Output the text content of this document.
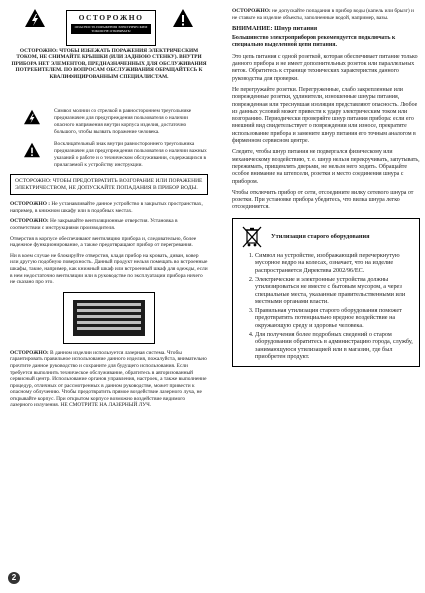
ОСТОРОЖНО
ОПАСНОСТЬ ПОРАЖЕНИЯ ЭЛЕКТРИЧЕСКИМ ТОКОМ НЕ ОТКРЫВАТЬ!
ОСТОРОЖНО: ЧТОБЫ ИЗБЕЖАТЬ ПОРАЖЕНИЯ ЭЛЕКТРИЧЕСКИМ ТОКОМ, НЕ СНИМАЙТЕ КРЫШКИ (ИЛИ ЗАДНЮЮ СТЕНКУ). ВНУТРИ ПРИБОРА НЕТ ЭЛЕМЕНТОВ, ПРЕДНАЗНАЧЕННЫХ ДЛЯ ОБСЛУЖИВАНИЯ ПОТРЕБИТЕЛЕМ. ПО ВОПРОСАМ ОБСЛУЖИВАНИЯ ОБРАЩАЙТЕСЬ К КВАЛИФИЦИРОВАННЫМ СПЕЦИАЛИСТАМ.
Символ молнии со стрелкой в равностороннем треугольнике предназначен для предупреждения пользователя о наличии опасного напряжения внутри корпуса изделия, достаточно большого, чтобы вызвать поражение человека.
Восклицательный знак внутри равностороннего треугольника предназначен для предупреждения пользователя о наличии важных указаний о работе и о техническом обслуживании, содержащихся в прилагаемой к устройству инструкции.
ОСТОРОЖНО: ЧТОБЫ ПРЕДОТВРАТИТЬ ВОЗГОРАНИЕ ИЛИ ПОРАЖЕНИЕ ЭЛЕКТРИЧЕСТВОМ, НЕ ДОПУСКАЙТЕ ПОПАДАНИЯ В ПРИБОР ВОДЫ.

ОСТОРОЖНО : Не устанавливайте данное устройство в закрытых пространствах, например, в книжном шкафу или в подобных местах.

ОСТОРОЖНО: Не закрывайте вентиляционные отверстия. Установка в соответствии с инструкциями производителя.

Отверстия в корпусе обеспечивают вентиляцию прибора и, следовательно, более надежное функционирование, а также предотвращают прибор от перегревания.

Ни в коем случае не блокируйте отверстия, кладя прибор на кровать, диван, ковер или другую подобную поверхность. Данный продукт нельзя помещать во встроенные шкафы, такие, например, как книжный шкаф или встроенный шкаф для одежды, если в нем недостаточно вентиляции или в руководстве по эксплуатации прибора ничего не сказано про это.

ОСТОРОЖНО: В данном изделии используется лазерная система. Чтобы гарантировать правильное использование данного изделия, пожалуйста, внимательно прочтите данное руководство и сохраните для будущего использования. Если требуется выполнить техническое обслуживание, обратитесь в авторизованный сервисный центр. Использование органов управления, настроек, а также выполнение процедур, отличных от рассмотренных в данном руководстве, может привести к опасному облучению. Чтобы предотвратить прямое воздействие лазерного луча, не открывайте корпус. При открытом корпусе возможно воздействие видимого лазерного излучения. НЕ СМОТРИТЕ НА ЛАЗЕРНЫЙ ЛУЧ.

ОСТОРОЖНО: не допускайте попадания в прибор воды (капель или брызг) и не ставьте на изделие объекты, заполненные водой, например, вазы.

ВНИМАНИЕ: Шнур питания

Большинство электроприборов рекомендуется подключать к специально выделенной цепи питания.

Это цепь питания с одной розеткой, которая обеспечивает питание только данного прибора и не имеет дополнительных розеток или параллельных веток. Обратитесь к странице технических характеристик данного руководства для проверки.

Не перегружайте розетки. Перегруженные, слабо закрепленные или поврежденные розетки, удлинители, изношенные шнуры питания, поврежденная или треснувшая изоляция представляют опасность. Любое из данных условий может привести к удару электрическим током или возгоранию. Периодически проверяйте шнур питания прибора: если его внешний вид свидетельствует о повреждении или износе, прекратите использование прибора и замените шнур питания его точным аналогом в фирменном сервисном центре.

Следите, чтобы шнур питания не подвергался физическому или механическому воздействию, т. е. шнур нельзя перекручивать, запутывать, пережимать, прищемлять дверьми, не нельзя него ходить. Обращайте особое внимание на штепсели, розетки и место соединения шнура с прибором.

Чтобы отключить прибор от сети, отсоедините вилку сетевого шнура от розетки. При установке прибора убедитесь, что вилка шнура легко отсоединяется.

Утилизация старого оборудования
1. Символ на устройстве, изображающий перечеркнутую мусорное ведро на колесах, означает, что на изделие распространяется Директива 2002/96/EC.
2. Электрические и электронные устройства должны утилизироваться не вместе с бытовым мусором, а через специальные места, указанные правительственными или местными органами власти.
3. Правильная утилизация старого оборудования поможет предотвратить потенциально вредное воздействие на окружающую среду и здоровье человека.
4. Для получения более подробных сведений о старом оборудовании обратитесь в администрацию города, службу, занимающуюся утилизацией или в магазин, где был приобретен продукт.
2
